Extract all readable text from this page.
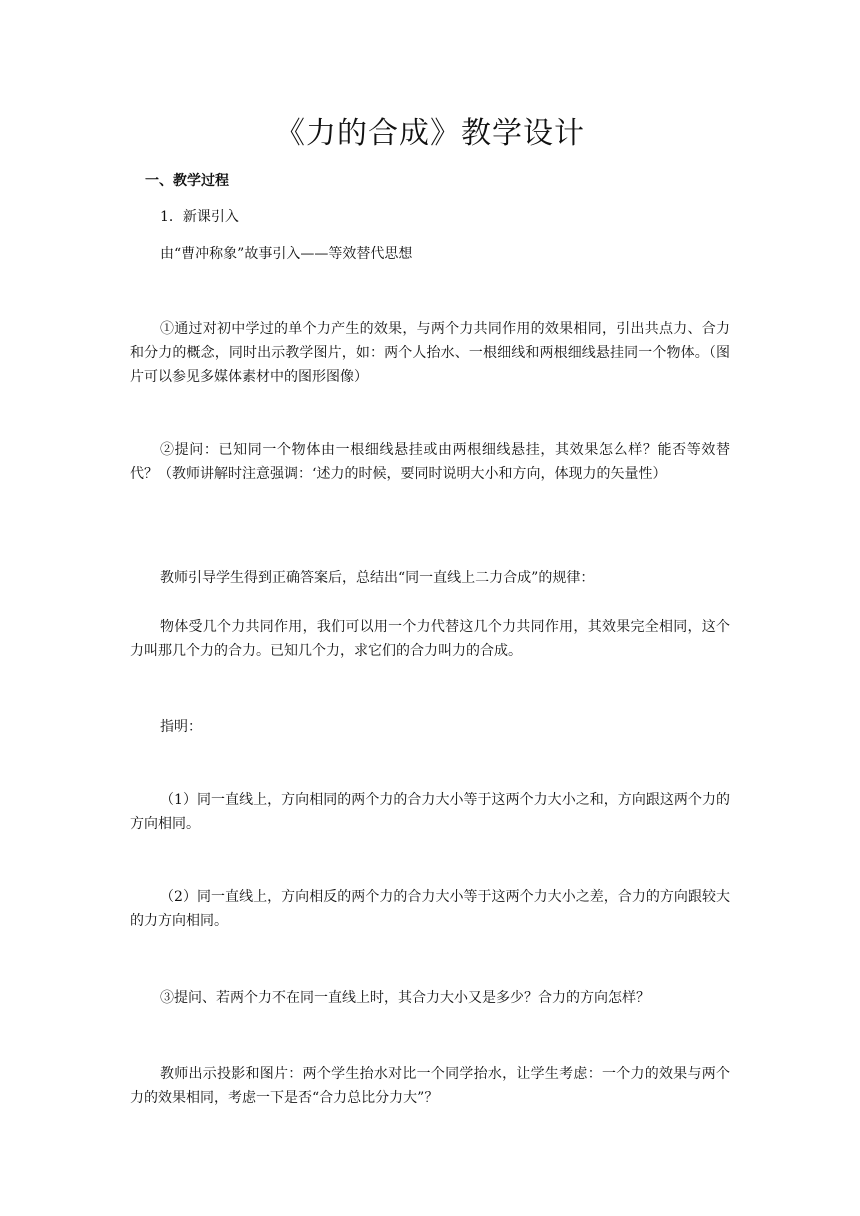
《力的合成》教学设计
一、教学过程

1．新课引入

由“曹冲称象”故事引入——等效替代思想

①通过对初中学过的单个力产生的效果，与两个力共同作用的效果相同，引出共点力、合力和分力的概念，同时出示教学图片，如：两个人抬水、一根细线和两根细线悬挂同一个物体。（图片可以参见多媒体素材中的图形图像）

②提问：已知同一个物体由一根细线悬挂或由两根细线悬挂，其效果怎么样？能否等效替代？（教师讲解时注意强调：‘述力的时候，要同时说明大小和方向，体现力的矢量性）

教师引导学生得到正确答案后，总结出“同一直线上二力合成”的规律：

物体受几个力共同作用，我们可以用一个力代替这几个力共同作用，其效果完全相同，这个力叫那几个力的合力。已知几个力，求它们的合力叫力的合成。

指明：

（1）同一直线上，方向相同的两个力的合力大小等于这两个力大小之和，方向跟这两个力的方向相同。

（2）同一直线上，方向相反的两个力的合力大小等于这两个力大小之差，合力的方向跟较大的力方向相同。

③提问、若两个力不在同一直线上时，其合力大小又是多少？合力的方向怎样？

教师出示投影和图片：两个学生抬水对比一个同学抬水，让学生考虑：一个力的效果与两个力的效果相同，考虑一下是否“合力总比分力大”？
